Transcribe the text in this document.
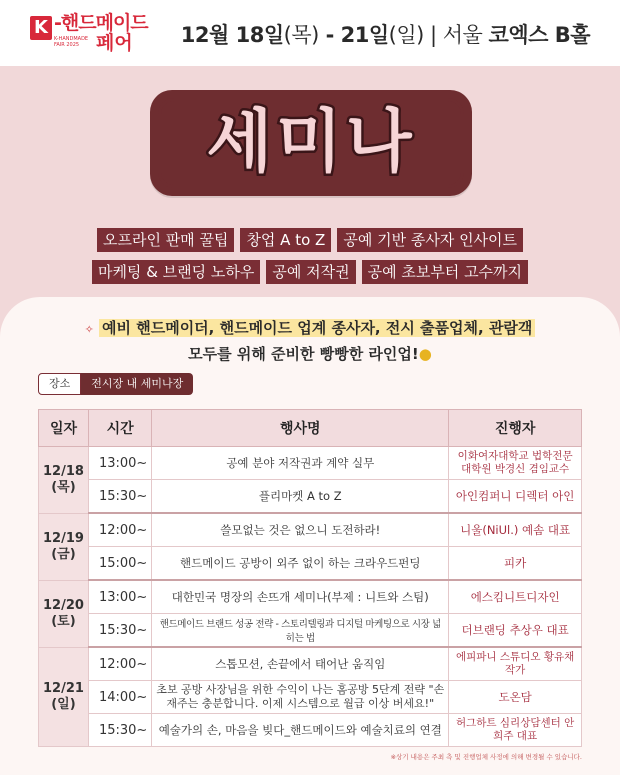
K -핸드메이드
K-HANDMADE FAIR 2025 페어 12월 18일(목) - 21일(일) | 서울 코엑스 B홀
세미나
오프라인 판매 꿀팁	창업 A to Z	공예 기반 종사자 인사이트
마케팅 & 브랜딩 노하우	공예 저작권	공예 초보부터 고수까지
✧ 예비 핸드메이더, 핸드메이드 업계 종사자, 전시 출품업체, 관람객
모두를 위해 준비한 빵빵한 라인업!●
장소	전시장 내 세미나장
일자	시간	행사명	진행자

12/18
(목)	13:00~	공예 분야 저작권과 계약 실무	이화여자대학교 법학전문대학원 박경신 겸임교수
	15:30~	플리마켓 A to Z	아인컴퍼니 디렉터 아인

12/19
(금)	12:00~	쓸모없는 것은 없으니 도전하라!	니울(NiUl.) 예솜 대표
	15:00~	핸드메이드 공방이 외주 없이 하는 크라우드펀딩	피카

12/20
(토)	13:00~	대한민국 명장의 손뜨개 세미나(부제 : 니트와 스팀)	에스킴니트디자인
	15:30~	핸드메이드 브랜드 성공 전략 - 스토리텔링과 디지털 마케팅으로 시장 넓히는 법	더브랜딩 추상우 대표

12/21
(일)	12:00~	스톱모션, 손끝에서 태어난 움직임	에피파니 스튜디오 황유채 작가
	14:00~	초보 공방 사장님을 위한 수익이 나는 홈공방 5단계 전략 "손재주는 충분합니다. 이제 시스템으로 월급 이상 버세요!"	도온담
	15:30~	예술가의 손, 마음을 빚다_핸드메이드와 예술치료의 연결	허그하트 심리상담센터 안희주 대표
※상기 내용은 주최 측 및 진행업체 사정에 의해 변경될 수 있습니다.
